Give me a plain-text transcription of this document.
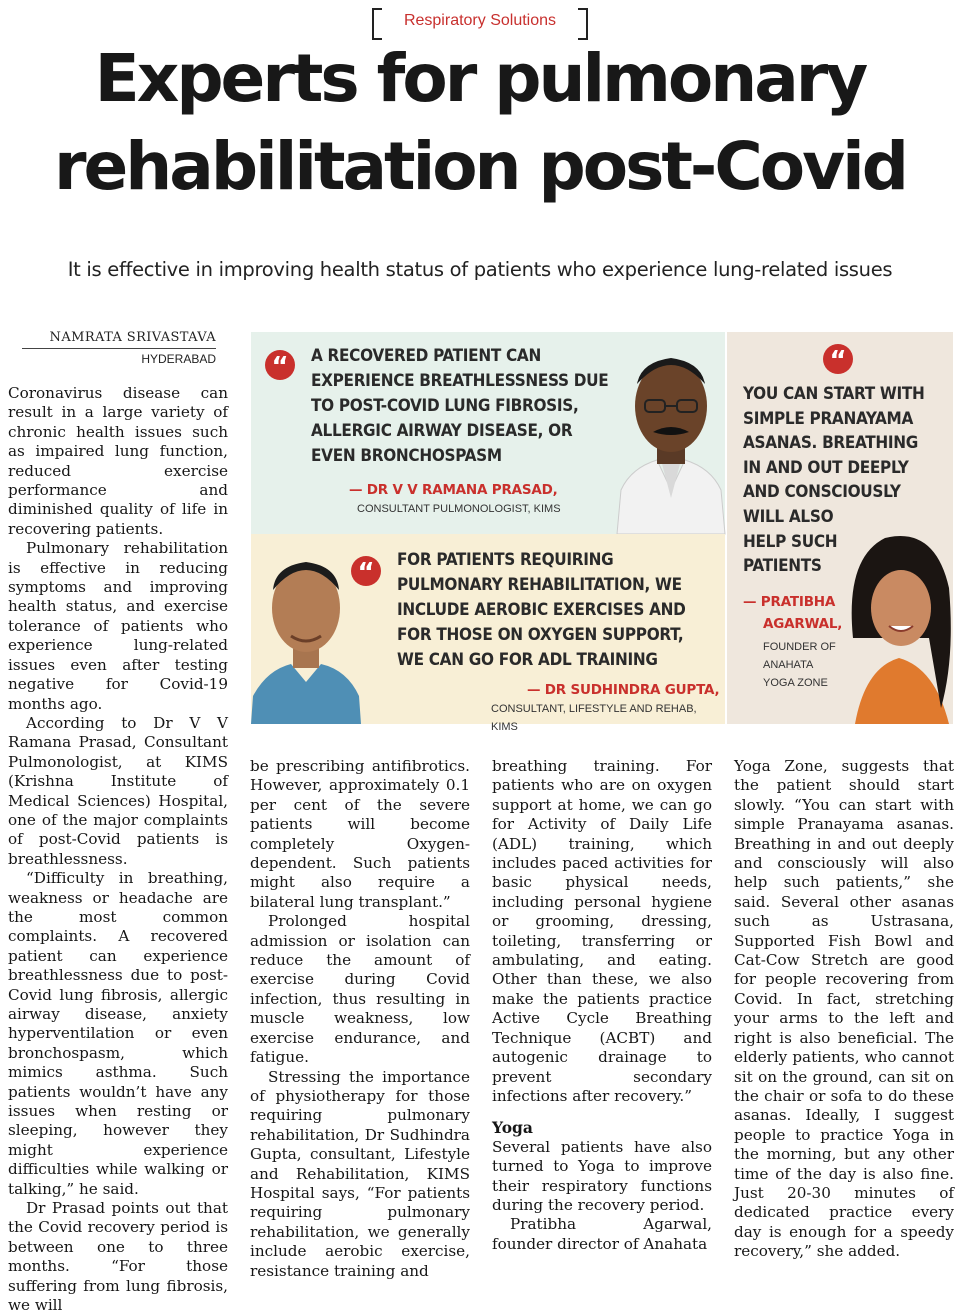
Respiratory Solutions
Experts for pulmonary
rehabilitation post-Covid
It is effective in improving health status of patients who experience lung-related issues
NAMRATA SRIVASTAVA
HYDERABAD “	A RECOVERED PATIENT CAN
EXPERIENCE BREATHLESSNESS DUE
TO POST-COVID LUNG FIBROSIS,
ALLERGIC AIRWAY DISEASE, OR
EVEN BRONCHOSPASM
— DR V V RAMANA PRASAD,
CONSULTANT PULMONOLOGIST, KIMS
“	FOR PATIENTS REQUIRING
PULMONARY REHABILITATION, WE
INCLUDE AEROBIC EXERCISES AND
FOR THOSE ON OXYGEN SUPPORT,
WE CAN GO FOR ADL TRAINING
— DR SUDHINDRA GUPTA,
CONSULTANT, LIFESTYLE AND REHAB, KIMS
“
YOU CAN START WITH
SIMPLE PRANAYAMA
ASANAS. BREATHING
IN AND OUT DEEPLY
AND CONSCIOUSLY
WILL ALSO
HELP SUCH
PATIENTS
— PRATIBHA
AGARWAL,
FOUNDER OF
ANAHATA
YOGA ZONE

Coronavirus disease can result in a large variety of chronic health issues such as impaired lung function, reduced exercise performance and diminished quality of life in recovering patients.

Pulmonary rehabilitation is effective in reducing symptoms and improving health status, and exercise tolerance of patients who experience lung-related issues even after testing negative for Covid-19 months ago.

According to Dr V V Ramana Prasad, Consultant Pulmonologist, at KIMS (Krishna Institute of Medical Sciences) Hospital, one of the major complaints of post-Covid patients is breathlessness.

“Difficulty in breathing, weakness or headache are the most common complaints. A recovered patient can experience breathlessness due to post-Covid lung fibrosis, allergic airway disease, anxiety hyperventilation or even bronchospasm, which mimics asthma. Such patients wouldn’t have any issues when resting or sleeping, however they might experience difficulties while walking or talking,” he said.

Dr Prasad points out that the Covid recovery period is between one to three months. “For those suffering from lung fibrosis, we will

be prescribing antifibrotics. However, approximately 0.1 per cent of the severe patients will become completely Oxygen-dependent. Such patients might also require a bilateral lung transplant.”

Prolonged hospital admission or isolation can reduce the amount of exercise during Covid infection, thus resulting in muscle weakness, low exercise endurance, and fatigue.

Stressing the importance of physiotherapy for those requiring pulmonary rehabilitation, Dr Sudhindra Gupta, consultant, Lifestyle and Rehabilitation, KIMS Hospital says, “For patients requiring pulmonary rehabilitation, we generally include aerobic exercise, resistance training and

breathing training. For patients who are on oxygen support at home, we can go for Activity of Daily Life (ADL) training, which includes paced activities for basic physical needs, including personal hygiene or grooming, dressing, toileting, transferring or ambulating, and eating. Other than these, we also make the patients practice Active Cycle Breathing Technique (ACBT) and autogenic drainage to prevent secondary infections after recovery.”

Yoga

Several patients have also turned to Yoga to improve their respiratory functions during the recovery period.

Pratibha Agarwal, founder director of Anahata

Yoga Zone, suggests that the patient should start slowly. “You can start with simple Pranayama asanas. Breathing in and out deeply and consciously will also help such patients,” she said. Several other asanas such as Ustrasana, Supported Fish Bowl and Cat-Cow Stretch are good for people recovering from Covid. In fact, stretching your arms to the left and right is also beneficial. The elderly patients, who cannot sit on the ground, can sit on the chair or sofa to do these asanas. Ideally, I suggest people to practice Yoga in the morning, but any other time of the day is also fine. Just 20-30 minutes of dedicated practice every day is enough for a speedy recovery,” she added.
